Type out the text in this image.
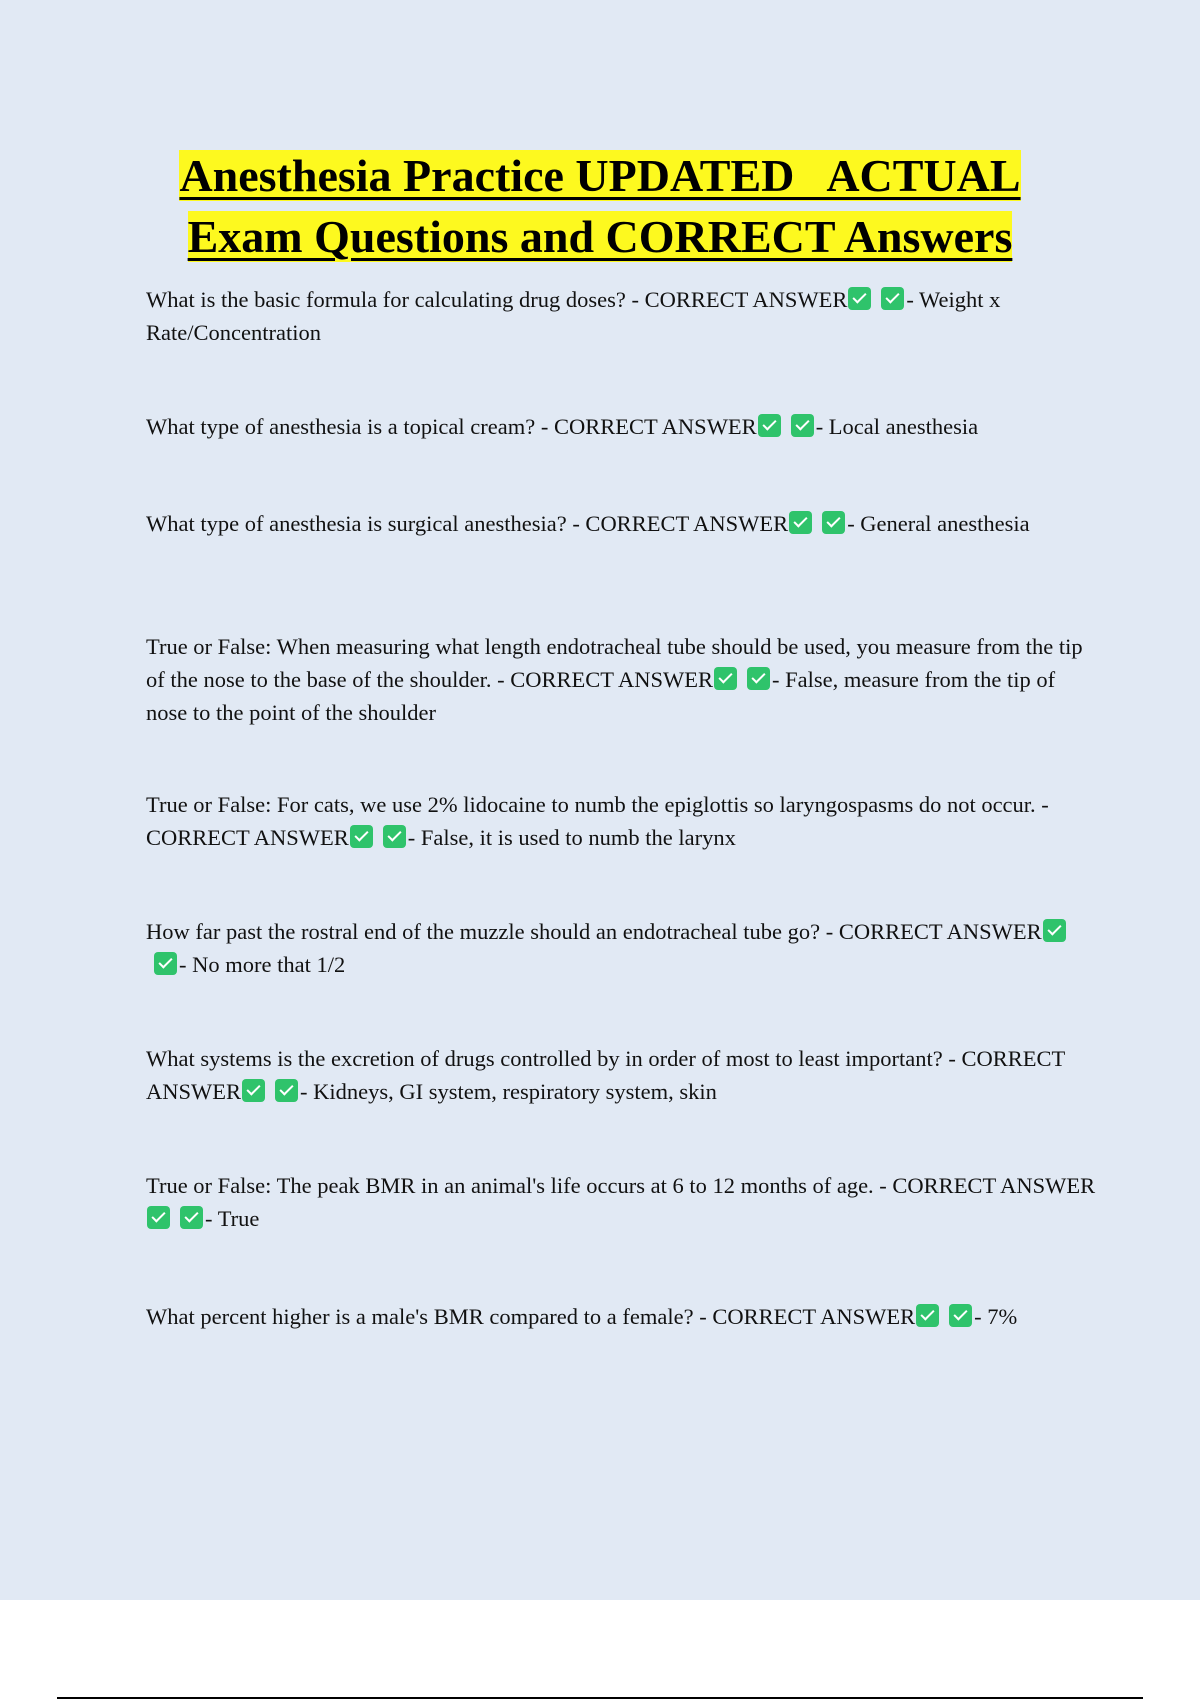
Anesthesia Practice UPDATED   ACTUAL
Exam Questions and CORRECT Answers
What is the basic formula for calculating drug doses? - CORRECT ANSWER	- Weight x Rate/Concentration
What type of anesthesia is a topical cream? - CORRECT ANSWER	- Local anesthesia
What type of anesthesia is surgical anesthesia? - CORRECT ANSWER	- General anesthesia
True or False: When measuring what length endotracheal tube should be used, you measure from the tip of the nose to the base of the shoulder. - CORRECT ANSWER	- False, measure from the tip of nose to the point of the shoulder
True or False: For cats, we use 2% lidocaine to numb the epiglottis so laryngospasms do not occur. - CORRECT ANSWER	- False, it is used to numb the larynx
How far past the rostral end of the muzzle should an endotracheal tube go? - CORRECT ANSWER- No more that 1/2
What systems is the excretion of drugs controlled by in order of most to least important? - CORRECT ANSWER	- Kidneys, GI system, respiratory system, skin
True or False: The peak BMR in an animal's life occurs at 6 to 12 months of age. - CORRECT ANSWER- True
What percent higher is a male's BMR compared to a female? - CORRECT ANSWER	- 7%
